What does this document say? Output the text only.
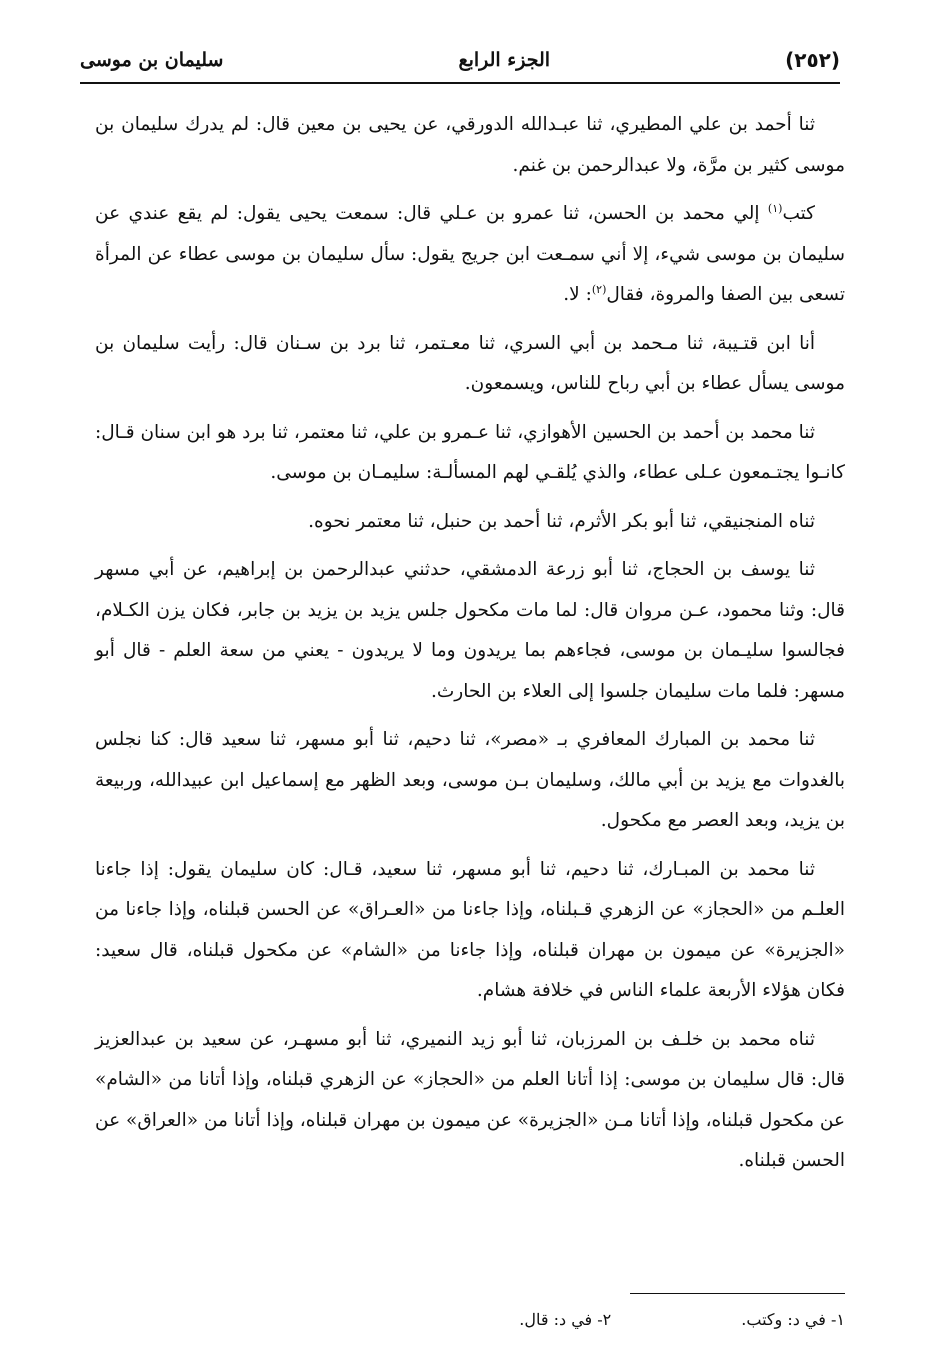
(٢٥٢)
الجزء الرابع
سليمان بن موسى

ثنا أحمد بن علي المطيري، ثنا عبـدالله الدورقي، عن يحيى بن معين قال: لم يدرك سليمان بن موسى كثير بن مرَّة، ولا عبدالرحمن بن غنم.

كتب$^{(١)}$ إلي محمد بن الحسن، ثنا عمرو بن عـلي قال: سمعت يحيى يقول: لم يقع عندي عن سليمان بن موسى شيء، إلا أني سمـعت ابن جريج يقول: سأل سليمان بن موسى عطاء عن المرأة تسعى بين الصفا والمروة، فقال$^{(٢)}$: لا.

أنا ابن قتـيبة، ثنا مـحمد بن أبي السري، ثنا معـتمر، ثنا برد بن سـنان قال: رأيت سليمان بن موسى يسأل عطاء بن أبي رباح للناس، ويسمعون.

ثنا محمد بن أحمد بن الحسين الأهوازي، ثنا عـمرو بن علي، ثنا معتمر، ثنا برد هو ابن سنان قـال: كانـوا يجتـمعون عـلى عطاء، والذي يُلقـي لهم المسألـة: سليمـان بن موسى.

ثناه المنجنيقي، ثنا أبو بكر الأثرم، ثنا أحمد بن حنبل، ثنا معتمر نحوه.

ثنا يوسف بن الحجاج، ثنا أبو زرعة الدمشقي، حدثني عبدالرحمن بن إبراهيم، عن أبي مسهر قال: وثنا محمود، عـن مروان قال: لما مات مكحول جلس يزيد بن يزيد بن جابر، فكان يزن الكـلام، فجالسوا سليـمان بن موسى، فجاءهم بما يريدون وما لا يريدون - يعني من سعة العلم - قال أبو مسهر: فلما مات سليمان جلسوا إلى العلاء بن الحارث.

ثنا محمد بن المبارك المعافري بـ «مصر»، ثنا دحيم، ثنا أبو مسهر، ثنا سعيد قال: كنا نجلس بالغدوات مع يزيد بن أبي مالك، وسليمان بـن موسى، وبعد الظهر مع إسماعيل ابن عبيدالله، وربيعة بن يزيد، وبعد العصر مع مكحول.

ثنا محمد بن المبـارك، ثنا دحيم، ثنا أبو مسهر، ثنا سعيد، قـال: كان سليمان يقول: إذا جاءنا العلـم من «الحجاز» عن الزهري قـبلناه، وإذا جاءنا من «العـراق» عن الحسن قبلناه، وإذا جاءنا من «الجزيرة» عن ميمون بن مهران قبلناه، وإذا جاءنا من «الشام» عن مكحول قبلناه، قال سعيد: فكان هؤلاء الأربعة علماء الناس في خلافة هشام.

ثناه محمد بن خلـف بن المرزبان، ثنا أبو زيد النميري، ثنا أبو مسهـر، عن سعيد بن عبدالعزيز قال: قال سليمان بن موسى: إذا أتانا العلم من «الحجاز» عن الزهري قبلناه، وإذا أتانا من «الشام» عن مكحول قبلناه، وإذا أتانا مـن «الجزيرة» عن ميمون بن مهران قبلناه، وإذا أتانا من «العراق» عن الحسن قبلناه.

١- في د: وكتب.
٢- في د: قال.
